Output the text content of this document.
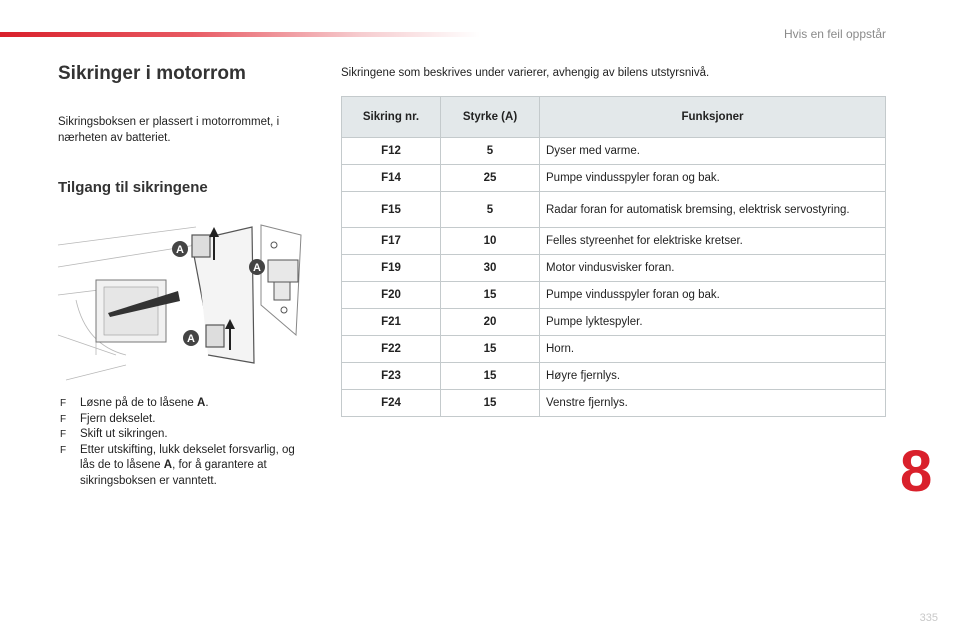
Hvis en feil oppstår
Sikringer i motorrom
Sikringsboksen er plassert i motorrommet, i nærheten av batteriet.
Tilgang til sikringene
A
A
A
F Løsne på de to låsene A.
F Fjern dekselet.
F Skift ut sikringen.
F Etter utskifting, lukk dekselet forsvarlig, og lås de to låsene A, for å garantere at sikringsboksen er vanntett.
Sikringene som beskrives under varierer, avhengig av bilens utstyrsnivå.
Sikring nr.	Styrke (A)	Funksjoner
F12	5	Dyser med varme.
F14	25	Pumpe vindusspyler foran og bak.
F15	5	Radar foran for automatisk bremsing, elektrisk servostyring.
F17	10	Felles styreenhet for elektriske kretser.
F19	30	Motor vindusvisker foran.
F20	15	Pumpe vindusspyler foran og bak.
F21	20	Pumpe lyktespyler.
F22	15	Horn.
F23	15	Høyre fjernlys.
F24	15	Venstre fjernlys.
8
335
